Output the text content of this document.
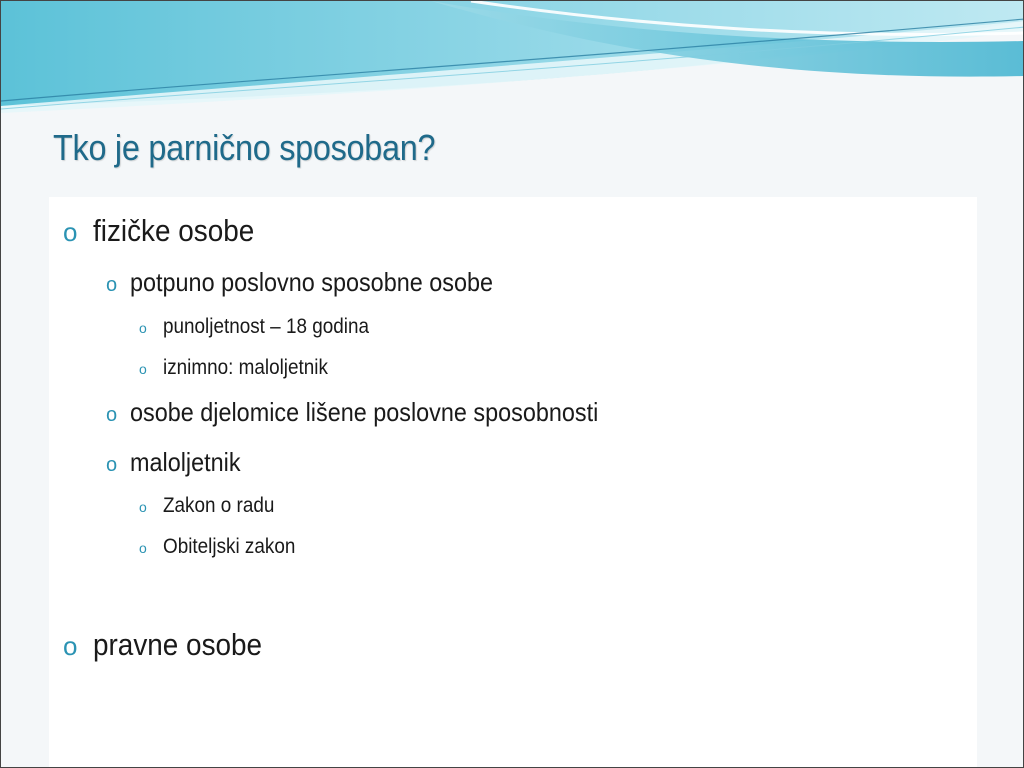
Tko je parnično sposoban?
o fizičke osobe
o potpuno poslovno sposobne osobe
o punoljetnost – 18 godina
o iznimno: maloljetnik
o osobe djelomice lišene poslovne sposobnosti
o maloljetnik
o Zakon o radu
o Obiteljski zakon
o pravne osobe
